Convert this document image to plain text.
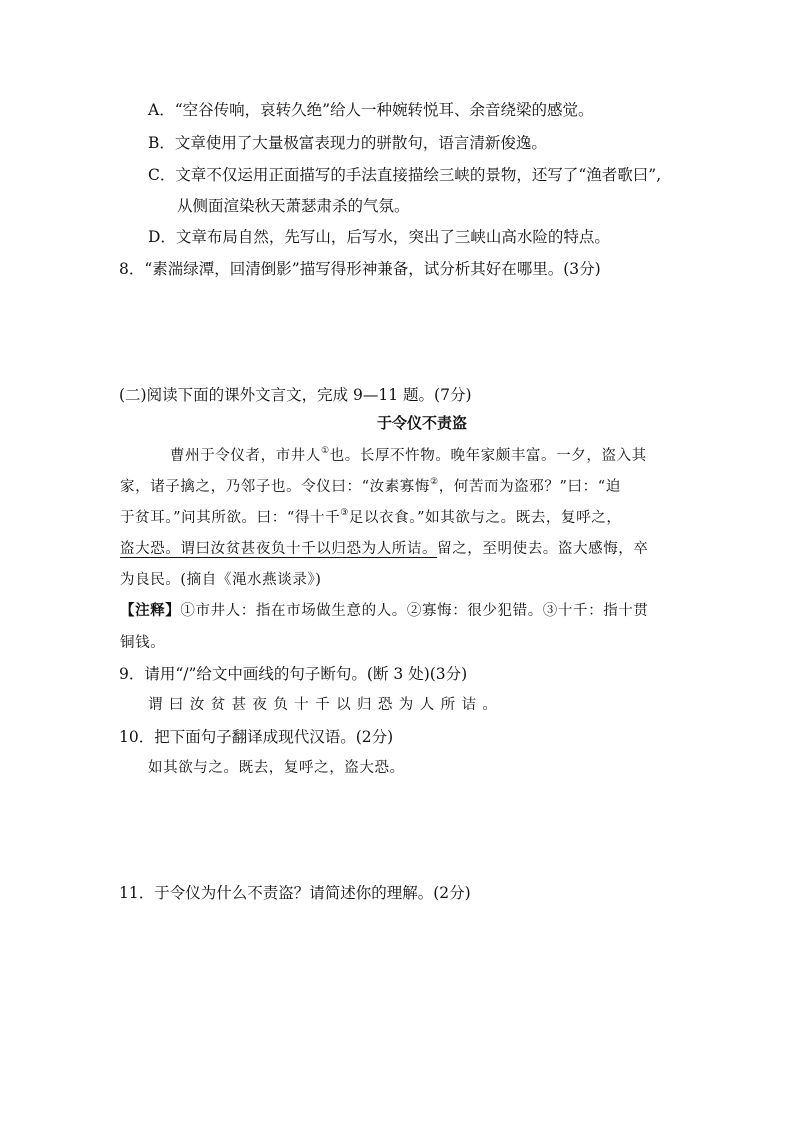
A．“空谷传响，哀转久绝”给人一种婉转悦耳、余音绕梁的感觉。
B．文章使用了大量极富表现力的骈散句，语言清新俊逸。
C．文章不仅运用正面描写的手法直接描绘三峡的景物，还写了“渔者歌曰”,
从侧面渲染秋天萧瑟肃杀的气氛。
D．文章布局自然，先写山，后写水，突出了三峡山高水险的特点。
8．“素湍绿潭，回清倒影”描写得形神兼备，试分析其好在哪里。(3分)
(二)阅读下面的课外文言文，完成 9—11 题。(7分)
于令仪不责盗
曹州于令仪者，市井人①也。长厚不忤物。晚年家颇丰富。一夕，盗入其
家，诸子擒之，乃邻子也。令仪曰：“汝素寡悔②，何苦而为盗邪？”曰：“迫
于贫耳。”问其所欲。曰：“得十千③足以衣食。”如其欲与之。既去，复呼之，
盗大恐。谓曰汝贫甚夜负十千以归恐为人所诘。留之，至明使去。盗大感悔，卒
为良民。(摘自《渑水燕谈录》)
【注释】①市井人：指在市场做生意的人。②寡悔：很少犯错。③十千：指十贯
铜钱。
9．请用“/”给文中画线的句子断句。(断 3 处)(3分)
谓曰汝贫甚夜负十千以归恐为人所诘。
10．把下面句子翻译成现代汉语。(2分)
如其欲与之。既去，复呼之，盗大恐。
11．于令仪为什么不责盗？请简述你的理解。(2分)
